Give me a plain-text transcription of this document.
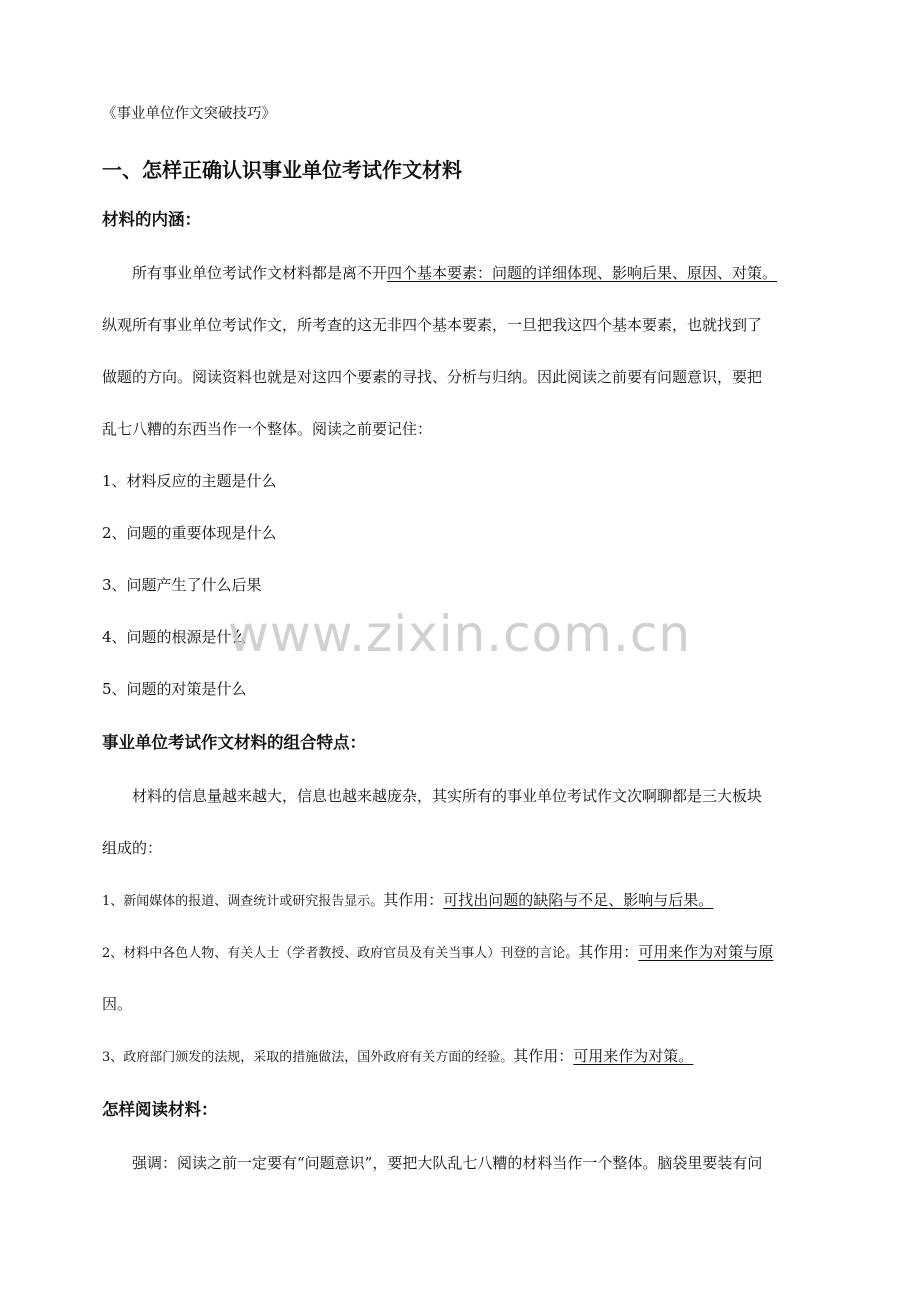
《事业单位作文突破技巧》
一、怎样正确认识事业单位考试作文材料
材料的内涵：
所有事业单位考试作文材料都是离不开四个基本要素：问题的详细体现、影响后果、原因、对策。
纵观所有事业单位考试作文，所考查的这无非四个基本要素，一旦把我这四个基本要素，也就找到了
做题的方向。阅读资料也就是对这四个要素的寻找、分析与归纳。因此阅读之前要有问题意识，要把
乱七八糟的东西当作一个整体。阅读之前要记住：
1、材料反应的主题是什么
2、问题的重要体现是什么
3、问题产生了什么后果
4、问题的根源是什么
5、问题的对策是什么
事业单位考试作文材料的组合特点：
材料的信息量越来越大，信息也越来越庞杂，其实所有的事业单位考试作文次啊聊都是三大板块
组成的：
1、新闻媒体的报道、调查统计或研究报告显示。其作用：可找出问题的缺陷与不足、影响与后果。
2、材料中各色人物、有关人士（学者教授、政府官员及有关当事人）刊登的言论。其作用：可用来作为对策与原
因。
3、政府部门颁发的法规，采取的措施做法，国外政府有关方面的经验。其作用：可用来作为对策。
怎样阅读材料：
强调：阅读之前一定要有“问题意识”，要把大队乱七八糟的材料当作一个整体。脑袋里要装有问
www.zixin.com.cn
